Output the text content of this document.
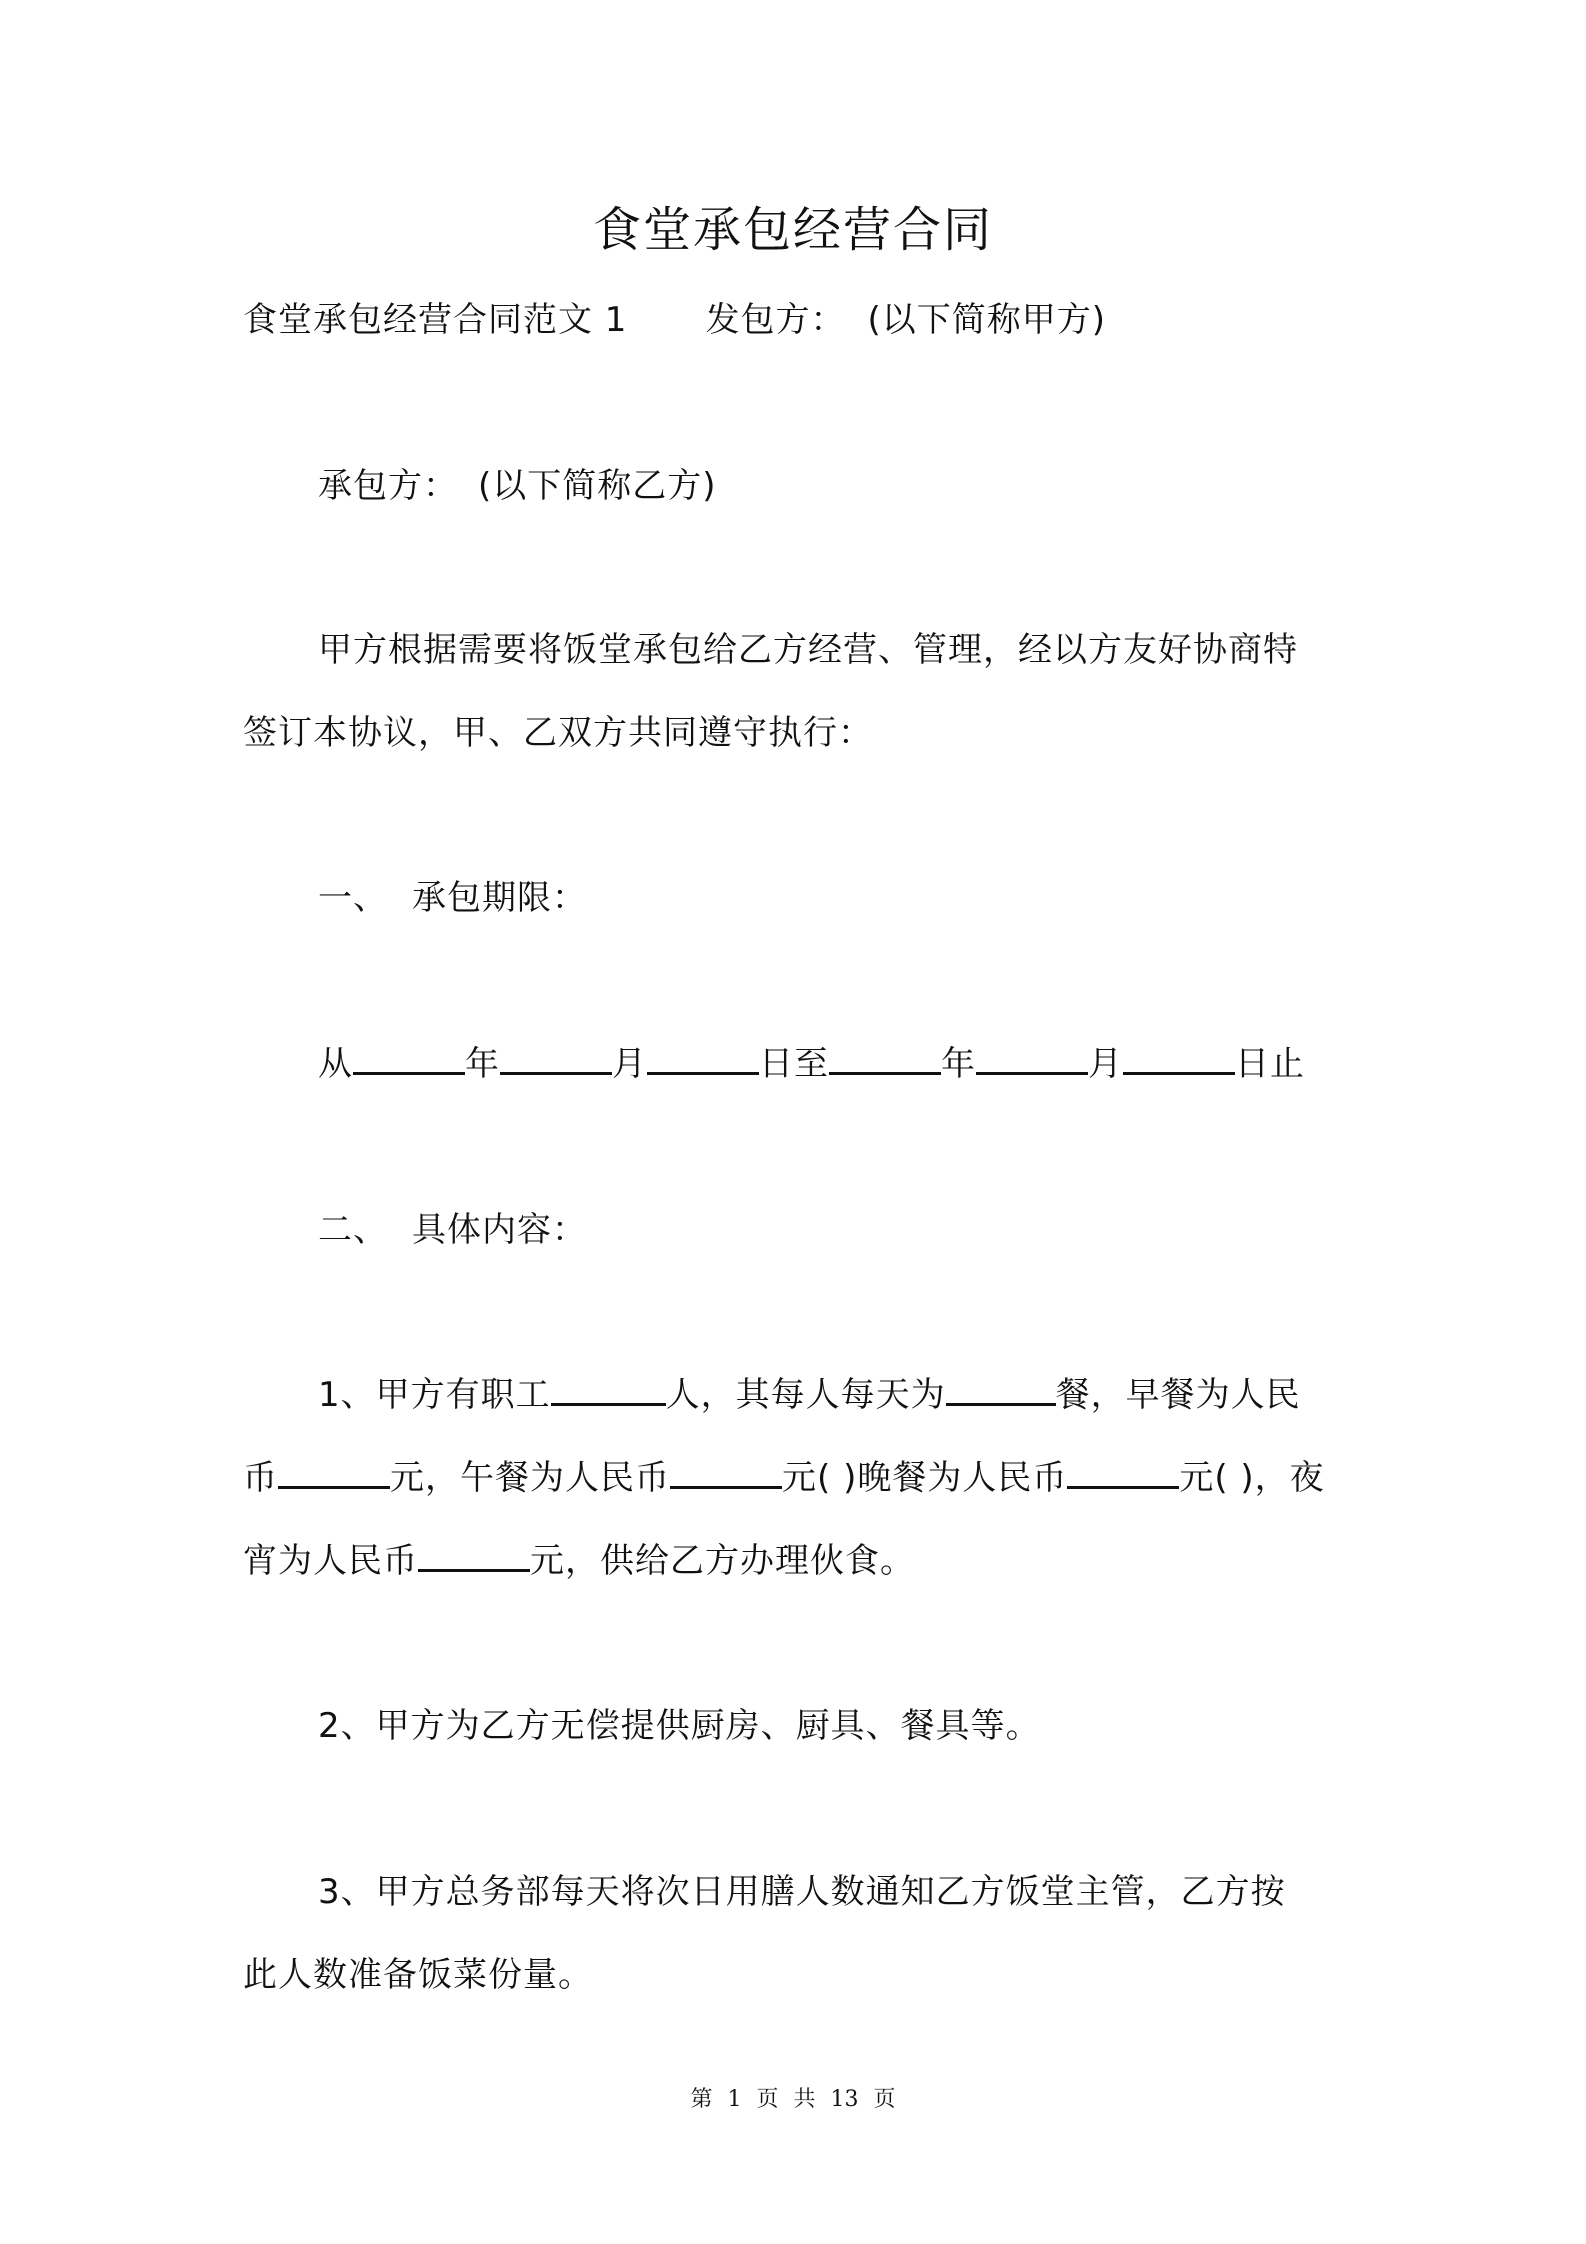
食堂承包经营合同
食堂承包经营合同范文 1 发包方： (以下简称甲方)
承包方： (以下简称乙方)
甲方根据需要将饭堂承包给乙方经营、管理，经以方友好协商特
签订本协议，甲、乙双方共同遵守执行：
一、 承包期限：
从	年	月	日至	年	月	日止
二、 具体内容：
1、甲方有职工	人，其每人每天为	餐，早餐为人民
币	元，午餐为人民币	元( )晚餐为人民币	元( )，夜
宵为人民币	元，供给乙方办理伙食。
2、甲方为乙方无偿提供厨房、厨具、餐具等。
3、甲方总务部每天将次日用膳人数通知乙方饭堂主管，乙方按
此人数准备饭菜份量。
第 1 页 共 13 页
